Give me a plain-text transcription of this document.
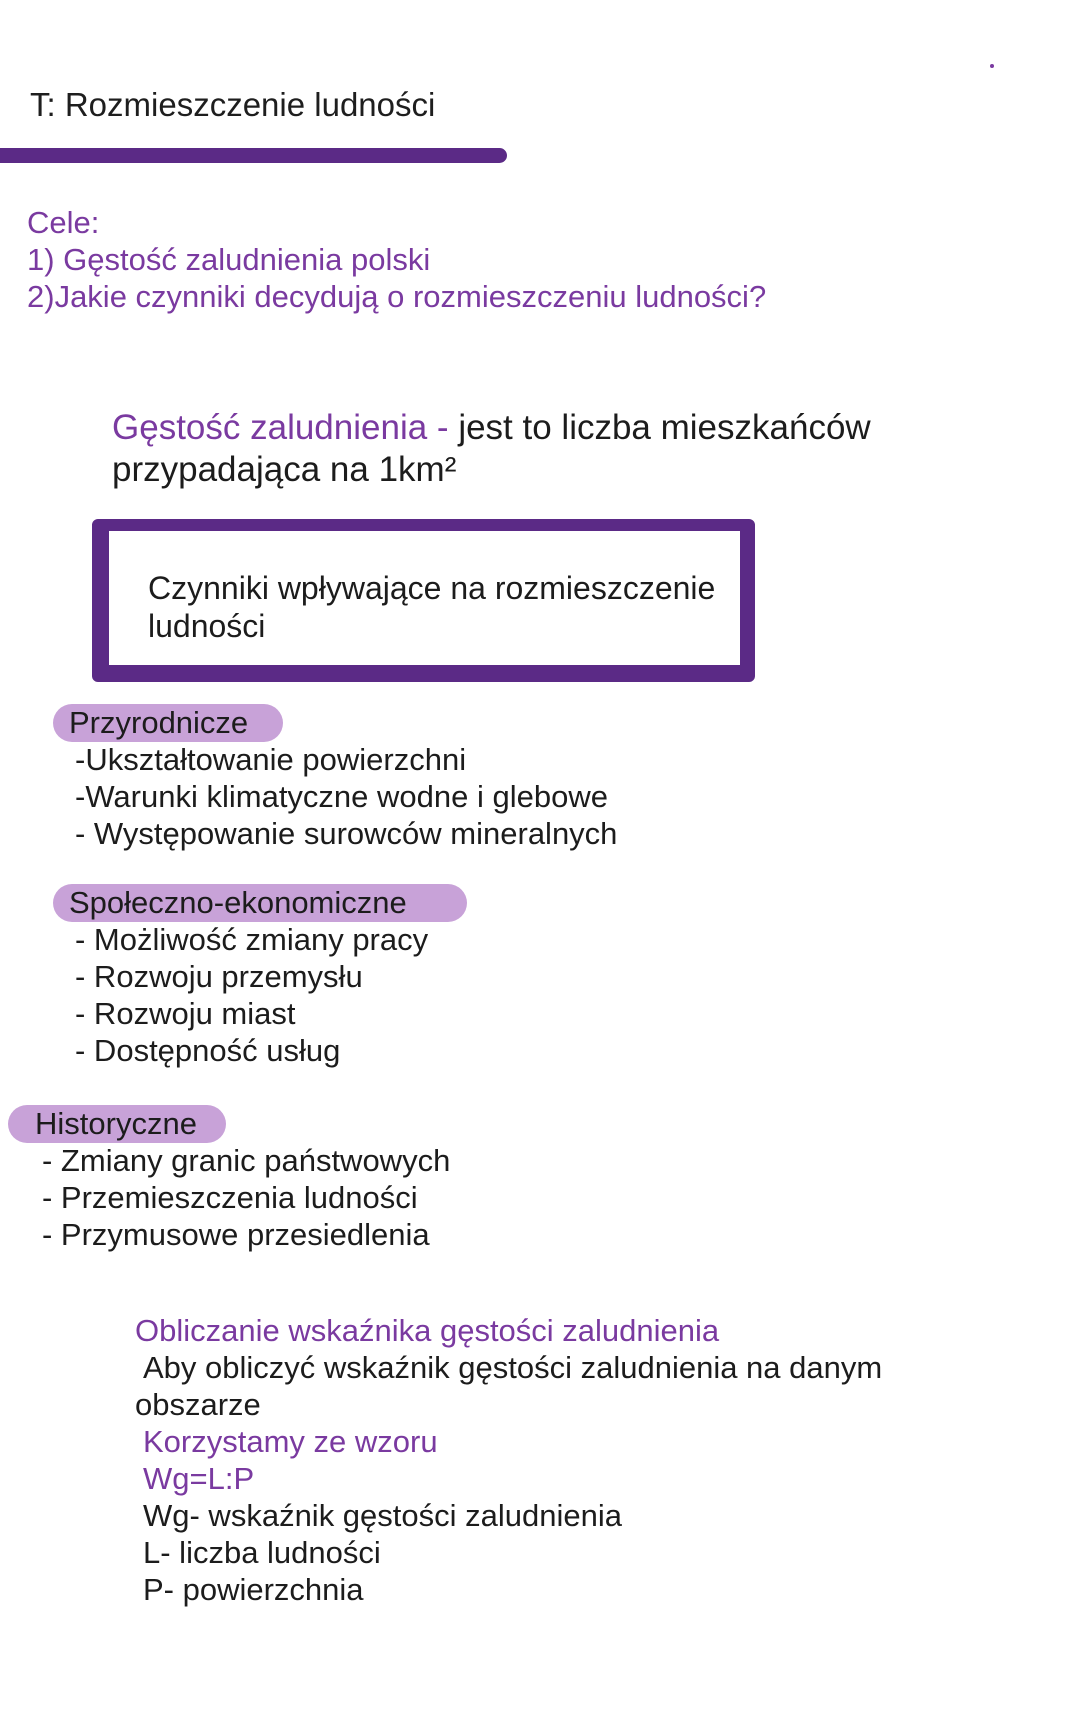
T: Rozmieszczenie ludności
Cele:
1) Gęstość zaludnienia polski
2)Jakie czynniki decydują o rozmieszczeniu ludności?
Gęstość zaludnienia - jest to liczba mieszkańców przypadająca na 1km²
Czynniki wpływające na rozmieszczenie ludności
Przyrodnicze
-Ukształtowanie powierzchni
-Warunki klimatyczne wodne i glebowe
- Występowanie surowców mineralnych
Społeczno-ekonomiczne
- Możliwość zmiany pracy
- Rozwoju przemysłu
- Rozwoju miast
- Dostępność usług
Historyczne
- Zmiany granic państwowych
- Przemieszczenia ludności
- Przymusowe przesiedlenia
Obliczanie wskaźnika gęstości zaludnienia
Aby obliczyć wskaźnik gęstości zaludnienia na danym
obszarze
Korzystamy ze wzoru
Wg=L:P
Wg- wskaźnik gęstości zaludnienia
L- liczba ludności
P- powierzchnia
